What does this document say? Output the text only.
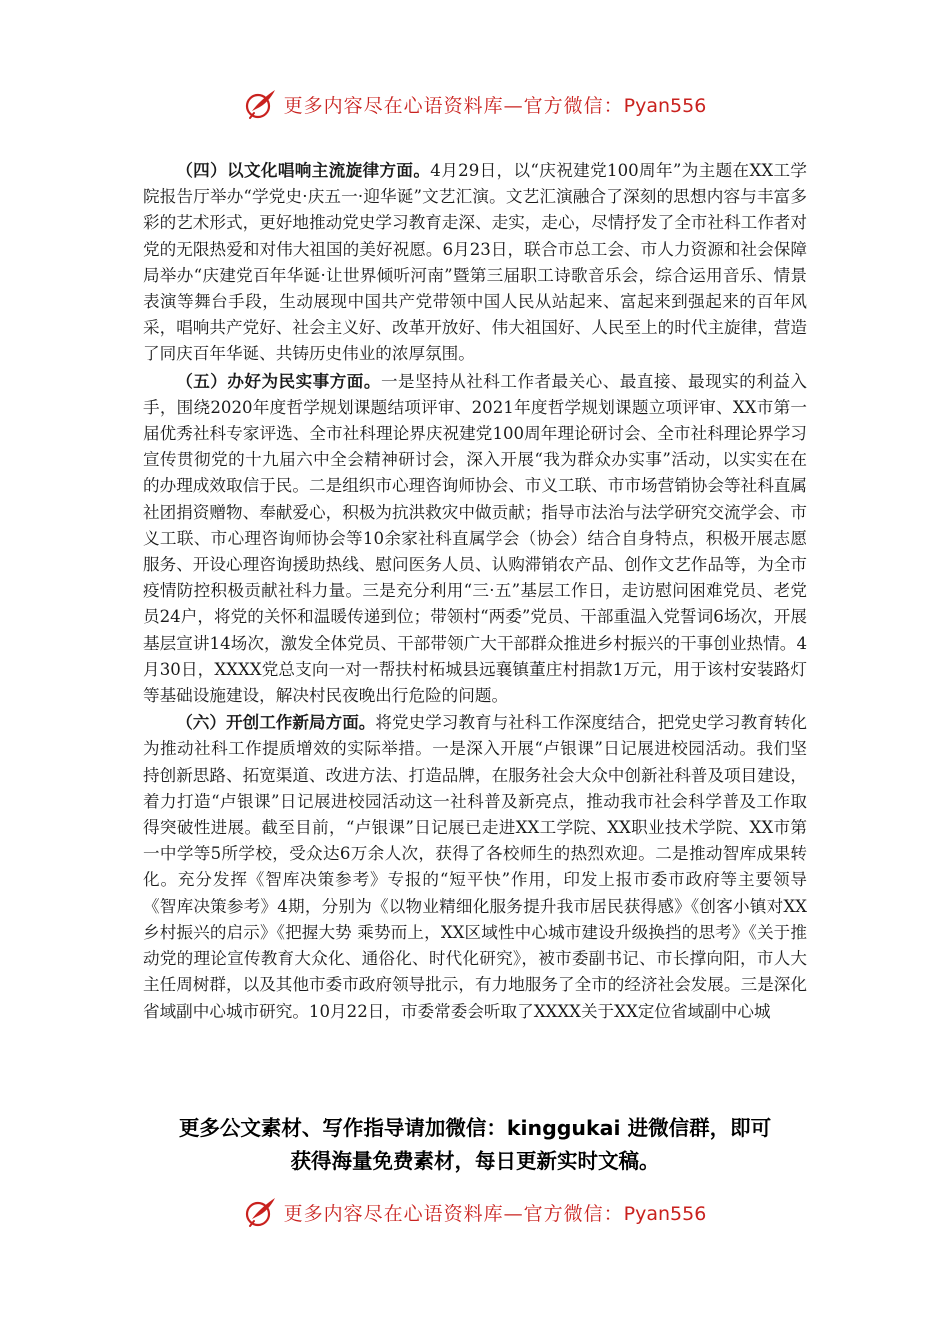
更多内容尽在心语资料库—官方微信：Pyan556

（四）以文化唱响主流旋律方面。4月29日，以“庆祝建党100周年”为主题在XX工学院报告厅举办“学党史·庆五一·迎华诞”文艺汇演。文艺汇演融合了深刻的思想内容与丰富多彩的艺术形式，更好地推动党史学习教育走深、走实，走心，尽情抒发了全市社科工作者对党的无限热爱和对伟大祖国的美好祝愿。6月23日，联合市总工会、市人力资源和社会保障局举办“庆建党百年华诞·让世界倾听河南”暨第三届职工诗歌音乐会，综合运用音乐、情景表演等舞台手段，生动展现中国共产党带领中国人民从站起来、富起来到强起来的百年风采，唱响共产党好、社会主义好、改革开放好、伟大祖国好、人民至上的时代主旋律，营造了同庆百年华诞、共铸历史伟业的浓厚氛围。

（五）办好为民实事方面。一是坚持从社科工作者最关心、最直接、最现实的利益入手，围绕2020年度哲学规划课题结项评审、2021年度哲学规划课题立项评审、XX市第一届优秀社科专家评选、全市社科理论界庆祝建党100周年理论研讨会、全市社科理论界学习宣传贯彻党的十九届六中全会精神研讨会，深入开展“我为群众办实事”活动，以实实在在的办理成效取信于民。二是组织市心理咨询师协会、市义工联、市市场营销协会等社科直属社团捐资赠物、奉献爱心，积极为抗洪救灾中做贡献；指导市法治与法学研究交流学会、市义工联、市心理咨询师协会等10余家社科直属学会（协会）结合自身特点，积极开展志愿服务、开设心理咨询援助热线、慰问医务人员、认购滞销农产品、创作文艺作品等，为全市疫情防控积极贡献社科力量。三是充分利用“三·五”基层工作日，走访慰问困难党员、老党员24户，将党的关怀和温暖传递到位；带领村“两委”党员、干部重温入党誓词6场次，开展基层宣讲14场次，激发全体党员、干部带领广大干部群众推进乡村振兴的干事创业热情。4月30日，XXXX党总支向一对一帮扶村柘城县远襄镇董庄村捐款1万元，用于该村安装路灯等基础设施建设，解决村民夜晚出行危险的问题。

（六）开创工作新局方面。将党史学习教育与社科工作深度结合，把党史学习教育转化为推动社科工作提质增效的实际举措。一是深入开展“卢银课”日记展进校园活动。我们坚持创新思路、拓宽渠道、改进方法、打造品牌，在服务社会大众中创新社科普及项目建设，着力打造“卢银课”日记展进校园活动这一社科普及新亮点，推动我市社会科学普及工作取得突破性进展。截至目前，“卢银课”日记展已走进XX工学院、XX职业技术学院、XX市第一中学等5所学校，受众达6万余人次，获得了各校师生的热烈欢迎。二是推动智库成果转化。充分发挥《智库决策参考》专报的“短平快”作用，印发上报市委市政府等主要领导《智库决策参考》4期，分别为《以物业精细化服务提升我市居民获得感》《创客小镇对XX乡村振兴的启示》《把握大势 乘势而上，XX区域性中心城市建设升级换挡的思考》《关于推动党的理论宣传教育大众化、通俗化、时代化研究》，被市委副书记、市长撑向阳，市人大主任周树群，以及其他市委市政府领导批示，有力地服务了全市的经济社会发展。三是深化省域副中心城市研究。10月22日，市委常委会听取了XXXX关于XX定位省域副中心城

更多公文素材、写作指导请加微信：kinggukai 进微信群，即可
获得海量免费素材，每日更新实时文稿。
更多内容尽在心语资料库—官方微信：Pyan556
